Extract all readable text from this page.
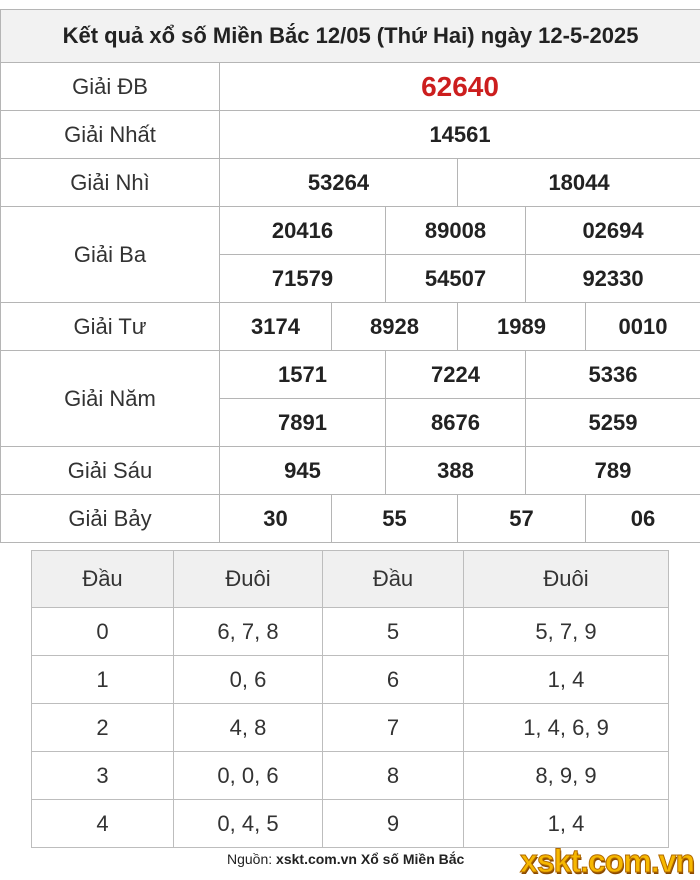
Kết quả xổ số Miền Bắc 12/05 (Thứ Hai) ngày 12-5-2025						
Giải ĐB	62640					
Giải Nhất	14561					
Giải Nhì	53264			18044		
Giải Ba	20416		89008		02694	
	71579		54507		92330	
Giải Tư	3174	8928		1989		0010
Giải Năm	1571		7224		5336	
	7891		8676		5259	
Giải Sáu	945		388		789	
Giải Bảy	30	55		57		06
Đầu	Đuôi	Đầu	Đuôi
0	6, 7, 8	5	5, 7, 9
1	0, 6	6	1, 4
2	4, 8	7	1, 4, 6, 9
3	0, 0, 6	8	8, 9, 9
4	0, 4, 5	9	1, 4
Nguồn: xskt.com.vn Xổ số Miền Bắc xskt.com.vn
